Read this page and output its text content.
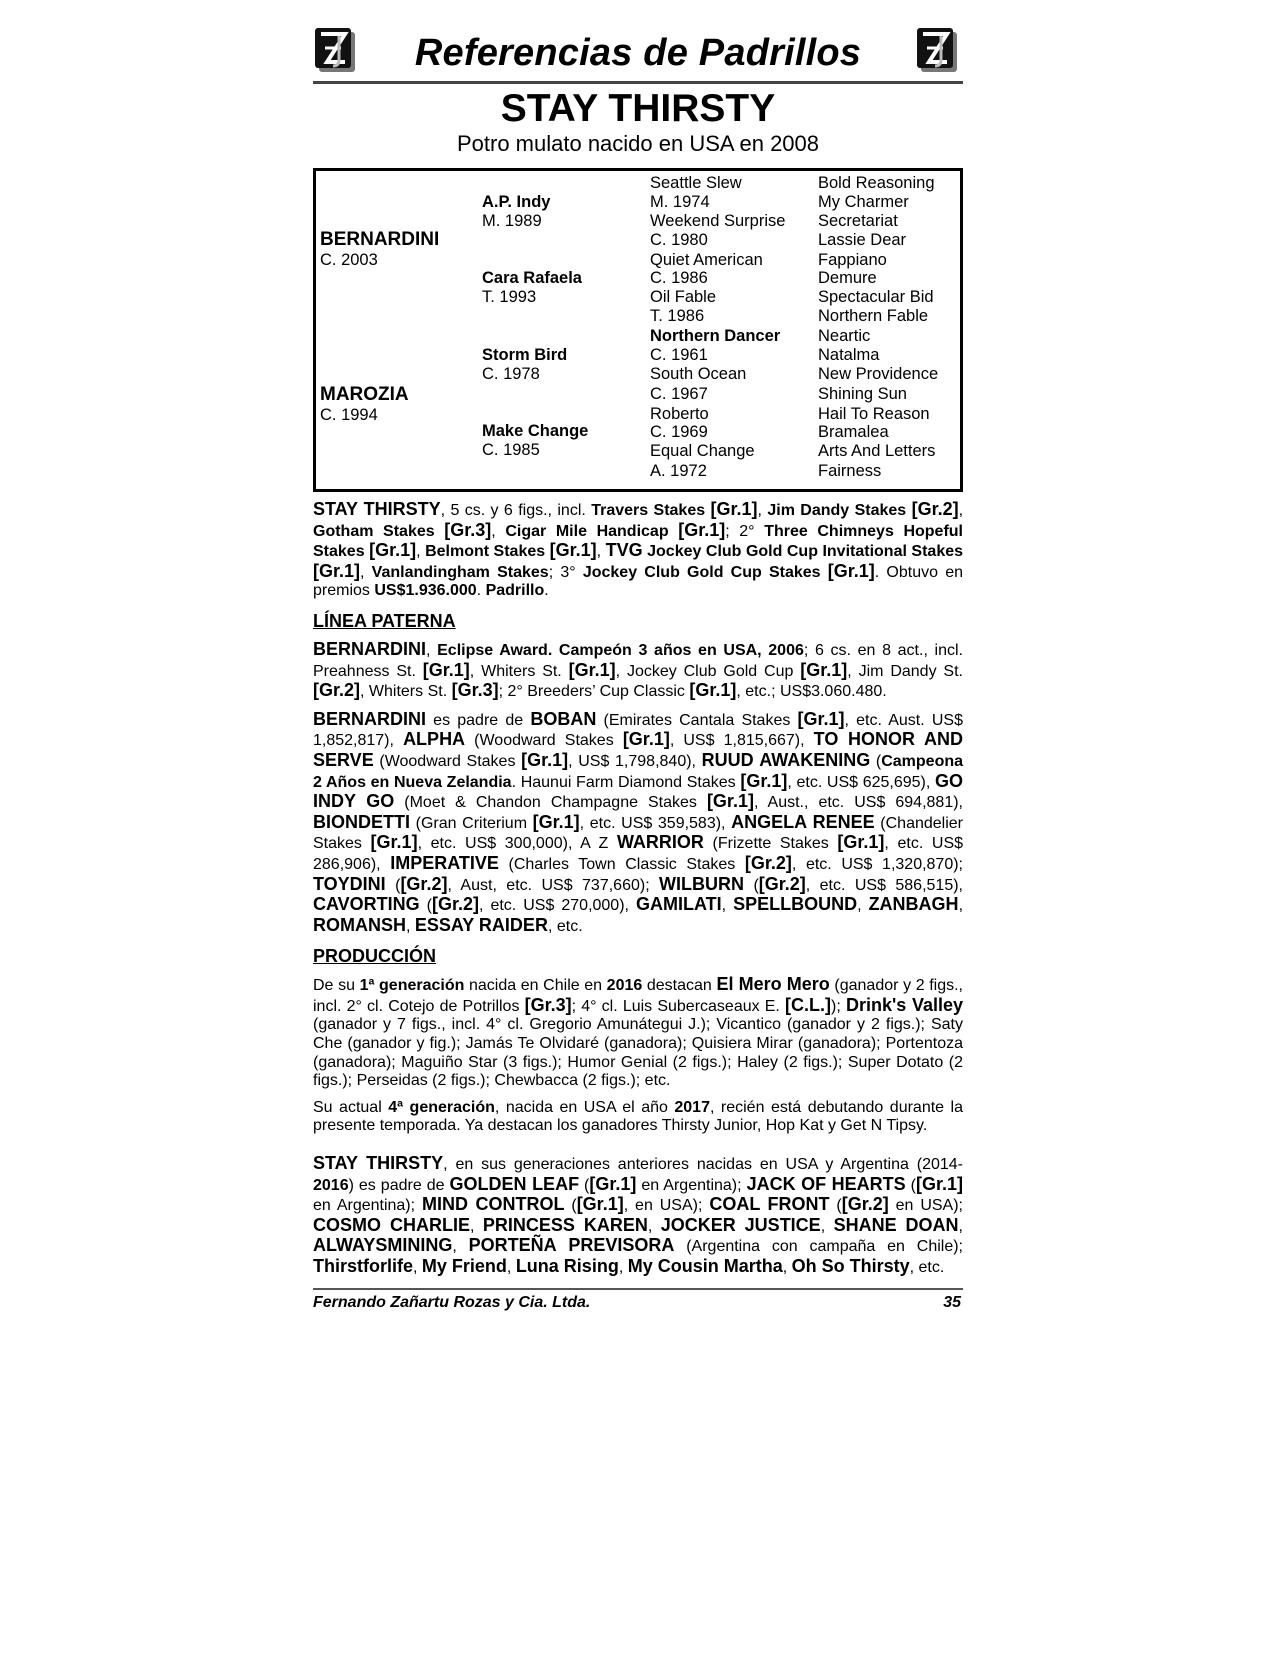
Referencias de Padrillos
STAY THIRSTY
Potro mulato nacido en USA en 2008
BERNARDINI
C. 2003
MAROZIA
C. 1994
A.P. Indy
M. 1989
Cara Rafaela
T. 1993
Storm Bird
C. 1978
Make Change
C. 1985
Seattle Slew
M. 1974
Weekend Surprise
C. 1980
Quiet American
C. 1986
Oil Fable
T. 1986
Northern Dancer
C. 1961
South Ocean
C. 1967
Roberto
C. 1969
Equal Change
A. 1972
Bold Reasoning
My Charmer
Secretariat
Lassie Dear
Fappiano
Demure
Spectacular Bid
Northern Fable
Neartic
Natalma
New Providence
Shining Sun
Hail To Reason
Bramalea
Arts And Letters
Fairness
STAY THIRSTY, 5 cs. y 6 figs., incl. Travers Stakes [Gr.1], Jim Dandy Stakes [Gr.2], Gotham Stakes [Gr.3], Cigar Mile Handicap [Gr.1]; 2° Three Chimneys Hopeful Stakes [Gr.1], Belmont Stakes [Gr.1], TVG Jockey Club Gold Cup Invitational Stakes [Gr.1], Vanlandingham Stakes; 3° Jockey Club Gold Cup Stakes [Gr.1]. Obtuvo en premios US$1.936.000. Padrillo.
LÍNEA PATERNA
BERNARDINI, Eclipse Award. Campeón 3 años en USA, 2006; 6 cs. en 8 act., incl. Preahness St. [Gr.1], Whiters St. [Gr.1], Jockey Club Gold Cup [Gr.1], Jim Dandy St. [Gr.2], Whiters St. [Gr.3]; 2° Breeders’ Cup Classic [Gr.1], etc.; US$3.060.480.
BERNARDINI es padre de BOBAN (Emirates Cantala Stakes [Gr.1], etc. Aust. US$ 1,852,817), ALPHA (Woodward Stakes [Gr.1], US$ 1,815,667), TO HONOR AND SERVE (Woodward Stakes [Gr.1], US$ 1,798,840), RUUD AWAKENING (Campeona 2 Años en Nueva Zelandia. Haunui Farm Diamond Stakes [Gr.1], etc. US$ 625,695), GO INDY GO (Moet & Chandon Champagne Stakes [Gr.1], Aust., etc. US$ 694,881), BIONDETTI (Gran Criterium [Gr.1], etc. US$ 359,583), ANGELA RENEE (Chandelier Stakes [Gr.1], etc. US$ 300,000), A Z WARRIOR (Frizette Stakes [Gr.1], etc. US$ 286,906), IMPERATIVE (Charles Town Classic Stakes [Gr.2], etc. US$ 1,320,870); TOYDINI ([Gr.2], Aust, etc. US$ 737,660); WILBURN ([Gr.2], etc. US$ 586,515), CAVORTING ([Gr.2], etc. US$ 270,000), GAMILATI, SPELLBOUND, ZANBAGH, ROMANSH, ESSAY RAIDER, etc.
PRODUCCIÓN
De su 1ª generación nacida en Chile en 2016 destacan El Mero Mero (ganador y 2 figs., incl. 2° cl. Cotejo de Potrillos [Gr.3]; 4° cl. Luis Subercaseaux E. [C.L.]); Drink's Valley (ganador y 7 figs., incl. 4° cl. Gregorio Amunátegui J.); Vicantico (ganador y 2 figs.); Saty Che (ganador y fig.); Jamás Te Olvidaré (ganadora); Quisiera Mirar (ganadora); Portentoza (ganadora); Maguiño Star (3 figs.); Humor Genial (2 figs.); Haley (2 figs.); Super Dotato (2 figs.); Perseidas (2 figs.); Chewbacca (2 figs.); etc.
Su actual 4ª generación, nacida en USA el año 2017, recién está debutando durante la presente temporada. Ya destacan los ganadores Thirsty Junior, Hop Kat y Get N Tipsy.
STAY THIRSTY, en sus generaciones anteriores nacidas en USA y Argentina (2014-2016) es padre de GOLDEN LEAF ([Gr.1] en Argentina); JACK OF HEARTS ([Gr.1] en Argentina); MIND CONTROL ([Gr.1], en USA); COAL FRONT ([Gr.2] en USA); COSMO CHARLIE, PRINCESS KAREN, JOCKER JUSTICE, SHANE DOAN, ALWAYSMINING, PORTEÑA PREVISORA (Argentina con campaña en Chile); Thirstforlife, My Friend, Luna Rising, My Cousin Martha, Oh So Thirsty, etc.
Fernando Zañartu Rozas y Cia. Ltda.	35
